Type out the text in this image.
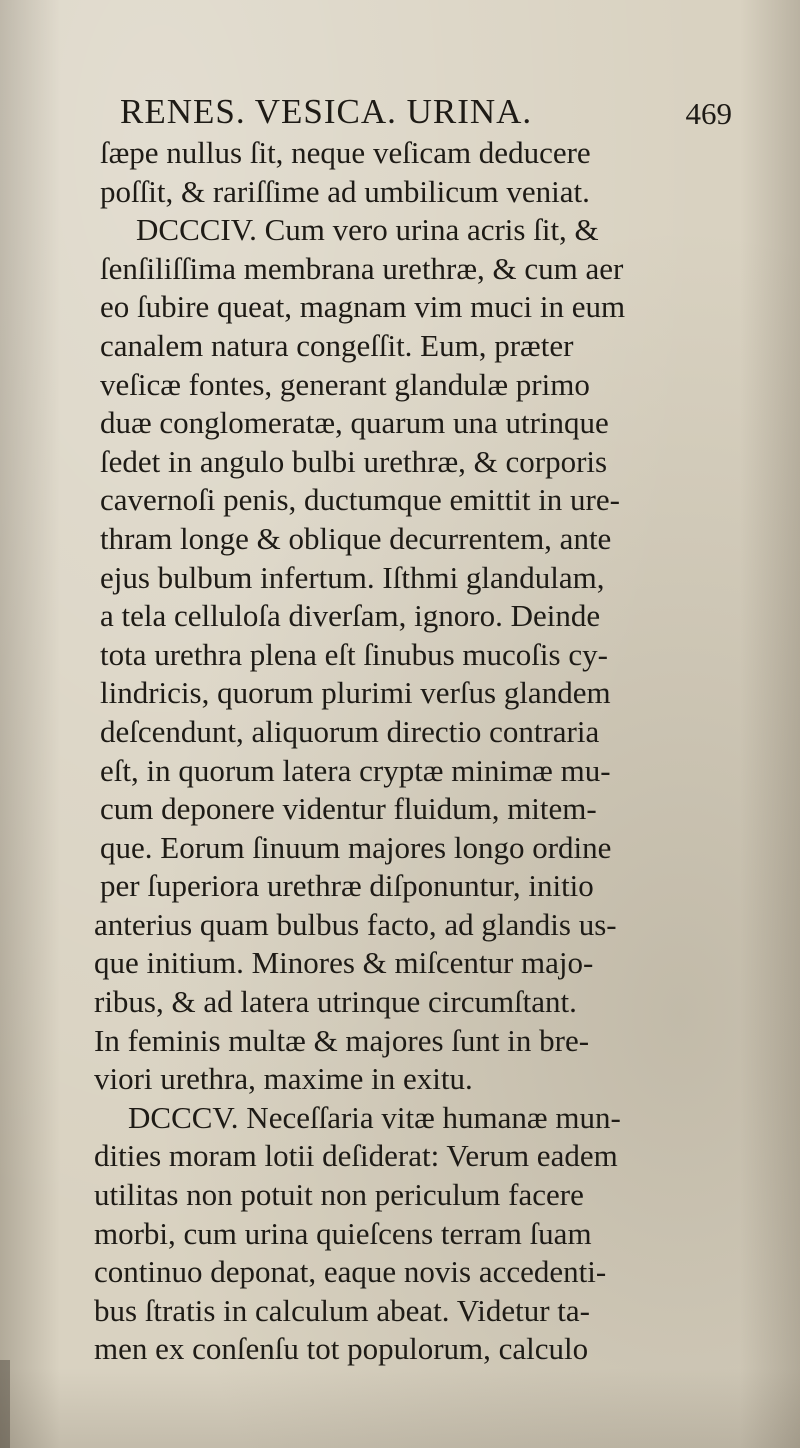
RENES. VESICA. URINA.	469
ſæpe nullus ſit, neque veſicam deducere
poſſit, & rariſſime ad umbilicum veniat.
DCCCIV. Cum vero urina acris ſit, &
ſenſiliſſima membrana urethræ, & cum aer
eo ſubire queat, magnam vim muci in eum
canalem natura congeſſit. Eum, præter
veſicæ fontes, generant glandulæ primo
duæ conglomeratæ, quarum una utrinque
ſedet in angulo bulbi urethræ, & corporis
cavernoſi penis, ductumque emittit in ure-
thram longe & oblique decurrentem, ante
ejus bulbum infertum. Iſthmi glandulam,
a tela celluloſa diverſam, ignoro. Deinde
tota urethra plena eſt ſinubus mucoſis cy-
lindricis, quorum plurimi verſus glandem
deſcendunt, aliquorum directio contraria
eſt, in quorum latera cryptæ minimæ mu-
cum deponere videntur fluidum, mitem-
que. Eorum ſinuum majores longo ordine
per ſuperiora urethræ diſponuntur, initio
anterius quam bulbus facto, ad glandis us-
que initium. Minores & miſcentur majo-
ribus, & ad latera utrinque circumſtant.
In feminis multæ & majores ſunt in bre-
viori urethra, maxime in exitu.
DCCCV. Neceſſaria vitæ humanæ mun-
dities moram lotii deſiderat: Verum eadem
utilitas non potuit non periculum facere
morbi, cum urina quieſcens terram ſuam
continuo deponat, eaque novis accedenti-
bus ſtratis in calculum abeat. Videtur ta-
men ex conſenſu tot populorum, calculo
